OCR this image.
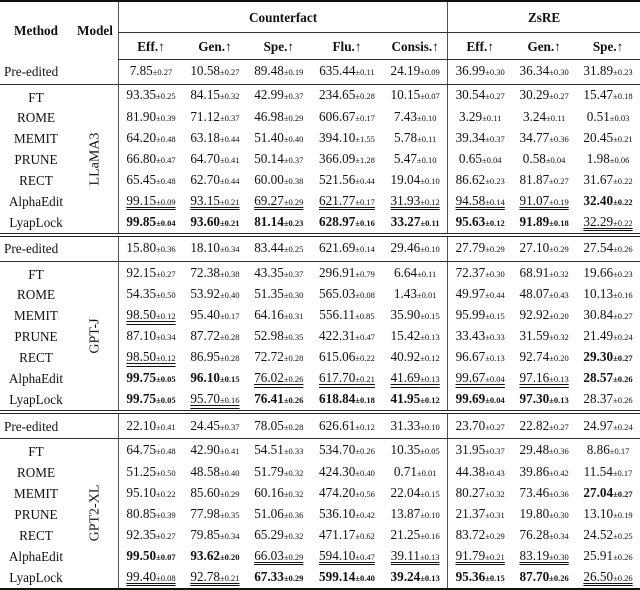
Method	Model	Counterfact					ZsRE		
		Eff.↑	Gen.↑	Spe.↑	Flu.↑	Consis.↑	Eff.↑	Gen.↑	Spe.↑
Pre-edited		7.85±0.27	10.58±0.27	89.48±0.19	635.44±0.11	24.19±0.09	36.99±0.30	36.34±0.30	31.89±0.23
FT	LLaMA3	93.35±0.25	84.15±0.32	42.99±0.37	234.65±0.28	10.15±0.07	30.54±0.27	30.29±0.27	15.47±0.18
ROME		81.90±0.39	71.12±0.37	46.98±0.29	606.67±0.17	7.43±0.10	3.29±0.11	3.24±0.11	0.51±0.03
MEMIT		64.20±0.48	63.18±0.44	51.40±0.40	394.10±1.55	5.78±0.11	39.34±0.37	34.77±0.36	20.45±0.21
PRUNE		66.80±0.47	64.70±0.41	50.14±0.37	366.09±1.28	5.47±0.10	0.65±0.04	0.58±0.04	1.98±0.06
RECT		65.45±0.48	62.70±0.44	60.00±0.38	521.56±0.44	19.04±0.10	86.62±0.23	81.87±0.27	31.67±0.22
AlphaEdit		99.15±0.09	93.15±0.21	69.27±0.29	621.77±0.17	31.93±0.12	94.58±0.14	91.07±0.19	32.40±0.22
LyapLock		99.85±0.04	93.60±0.21	81.14±0.23	628.97±0.16	33.27±0.11	95.63±0.12	91.89±0.18	32.29±0.22
Pre-edited		15.80±0.36	18.10±0.34	83.44±0.25	621.69±0.14	29.46±0.10	27.79±0.29	27.10±0.29	27.54±0.26
FT	GPT-J	92.15±0.27	72.38±0.38	43.35±0.37	296.91±0.79	6.64±0.11	72.37±0.30	68.91±0.32	19.66±0.23
ROME		54.35±0.50	53.92±0.40	51.35±0.30	565.03±0.08	1.43±0.01	49.97±0.44	48.07±0.43	10.13±0.16
MEMIT		98.50±0.12	95.40±0.17	64.16±0.31	556.11±0.85	35.90±0.15	95.99±0.15	92.92±0.20	30.84±0.27
PRUNE		87.10±0.34	87.72±0.28	52.98±0.35	422.31±0.47	15.42±0.13	33.43±0.33	31.59±0.32	21.49±0.24
RECT		98.50±0.12	86.95±0.28	72.72±0.28	615.06±0.22	40.92±0.12	96.67±0.13	92.74±0.20	29.30±0.27
AlphaEdit		99.75±0.05	96.10±0.15	76.02±0.26	617.70±0.21	41.69±0.13	99.67±0.04	97.16±0.13	28.57±0.26
LyapLock		99.75±0.05	95.70±0.16	76.41±0.26	618.84±0.18	41.95±0.12	99.69±0.04	97.30±0.13	28.37±0.26
Pre-edited		22.10±0.41	24.45±0.37	78.05±0.28	626.61±0.12	31.33±0.10	23.70±0.27	22.82±0.27	24.97±0.24
FT	GPT2-XL	64.75±0.48	42.90±0.41	54.51±0.33	534.70±0.26	10.35±0.05	31.95±0.37	29.48±0.36	8.86±0.17
ROME		51.25±0.50	48.58±0.40	51.79±0.32	424.30±0.40	0.71±0.01	44.38±0.43	39.86±0.42	11.54±0.17
MEMIT		95.10±0.22	85.60±0.29	60.16±0.32	474.20±0.56	22.04±0.15	80.27±0.32	73.46±0.36	27.04±0.27
PRUNE		80.85±0.39	77.98±0.35	51.06±0.36	536.10±0.42	13.87±0.10	21.37±0.31	19.80±0.30	13.10±0.19
RECT		92.35±0.27	79.85±0.34	65.29±0.32	471.17±0.62	21.25±0.16	83.72±0.29	76.28±0.34	24.52±0.25
AlphaEdit		99.50±0.07	93.62±0.20	66.03±0.29	594.10±0.47	39.11±0.13	91.79±0.21	83.19±0.30	25.91±0.26
LyapLock		99.40±0.08	92.78±0.21	67.33±0.29	599.14±0.40	39.24±0.13	95.36±0.15	87.70±0.26	26.50±0.26
